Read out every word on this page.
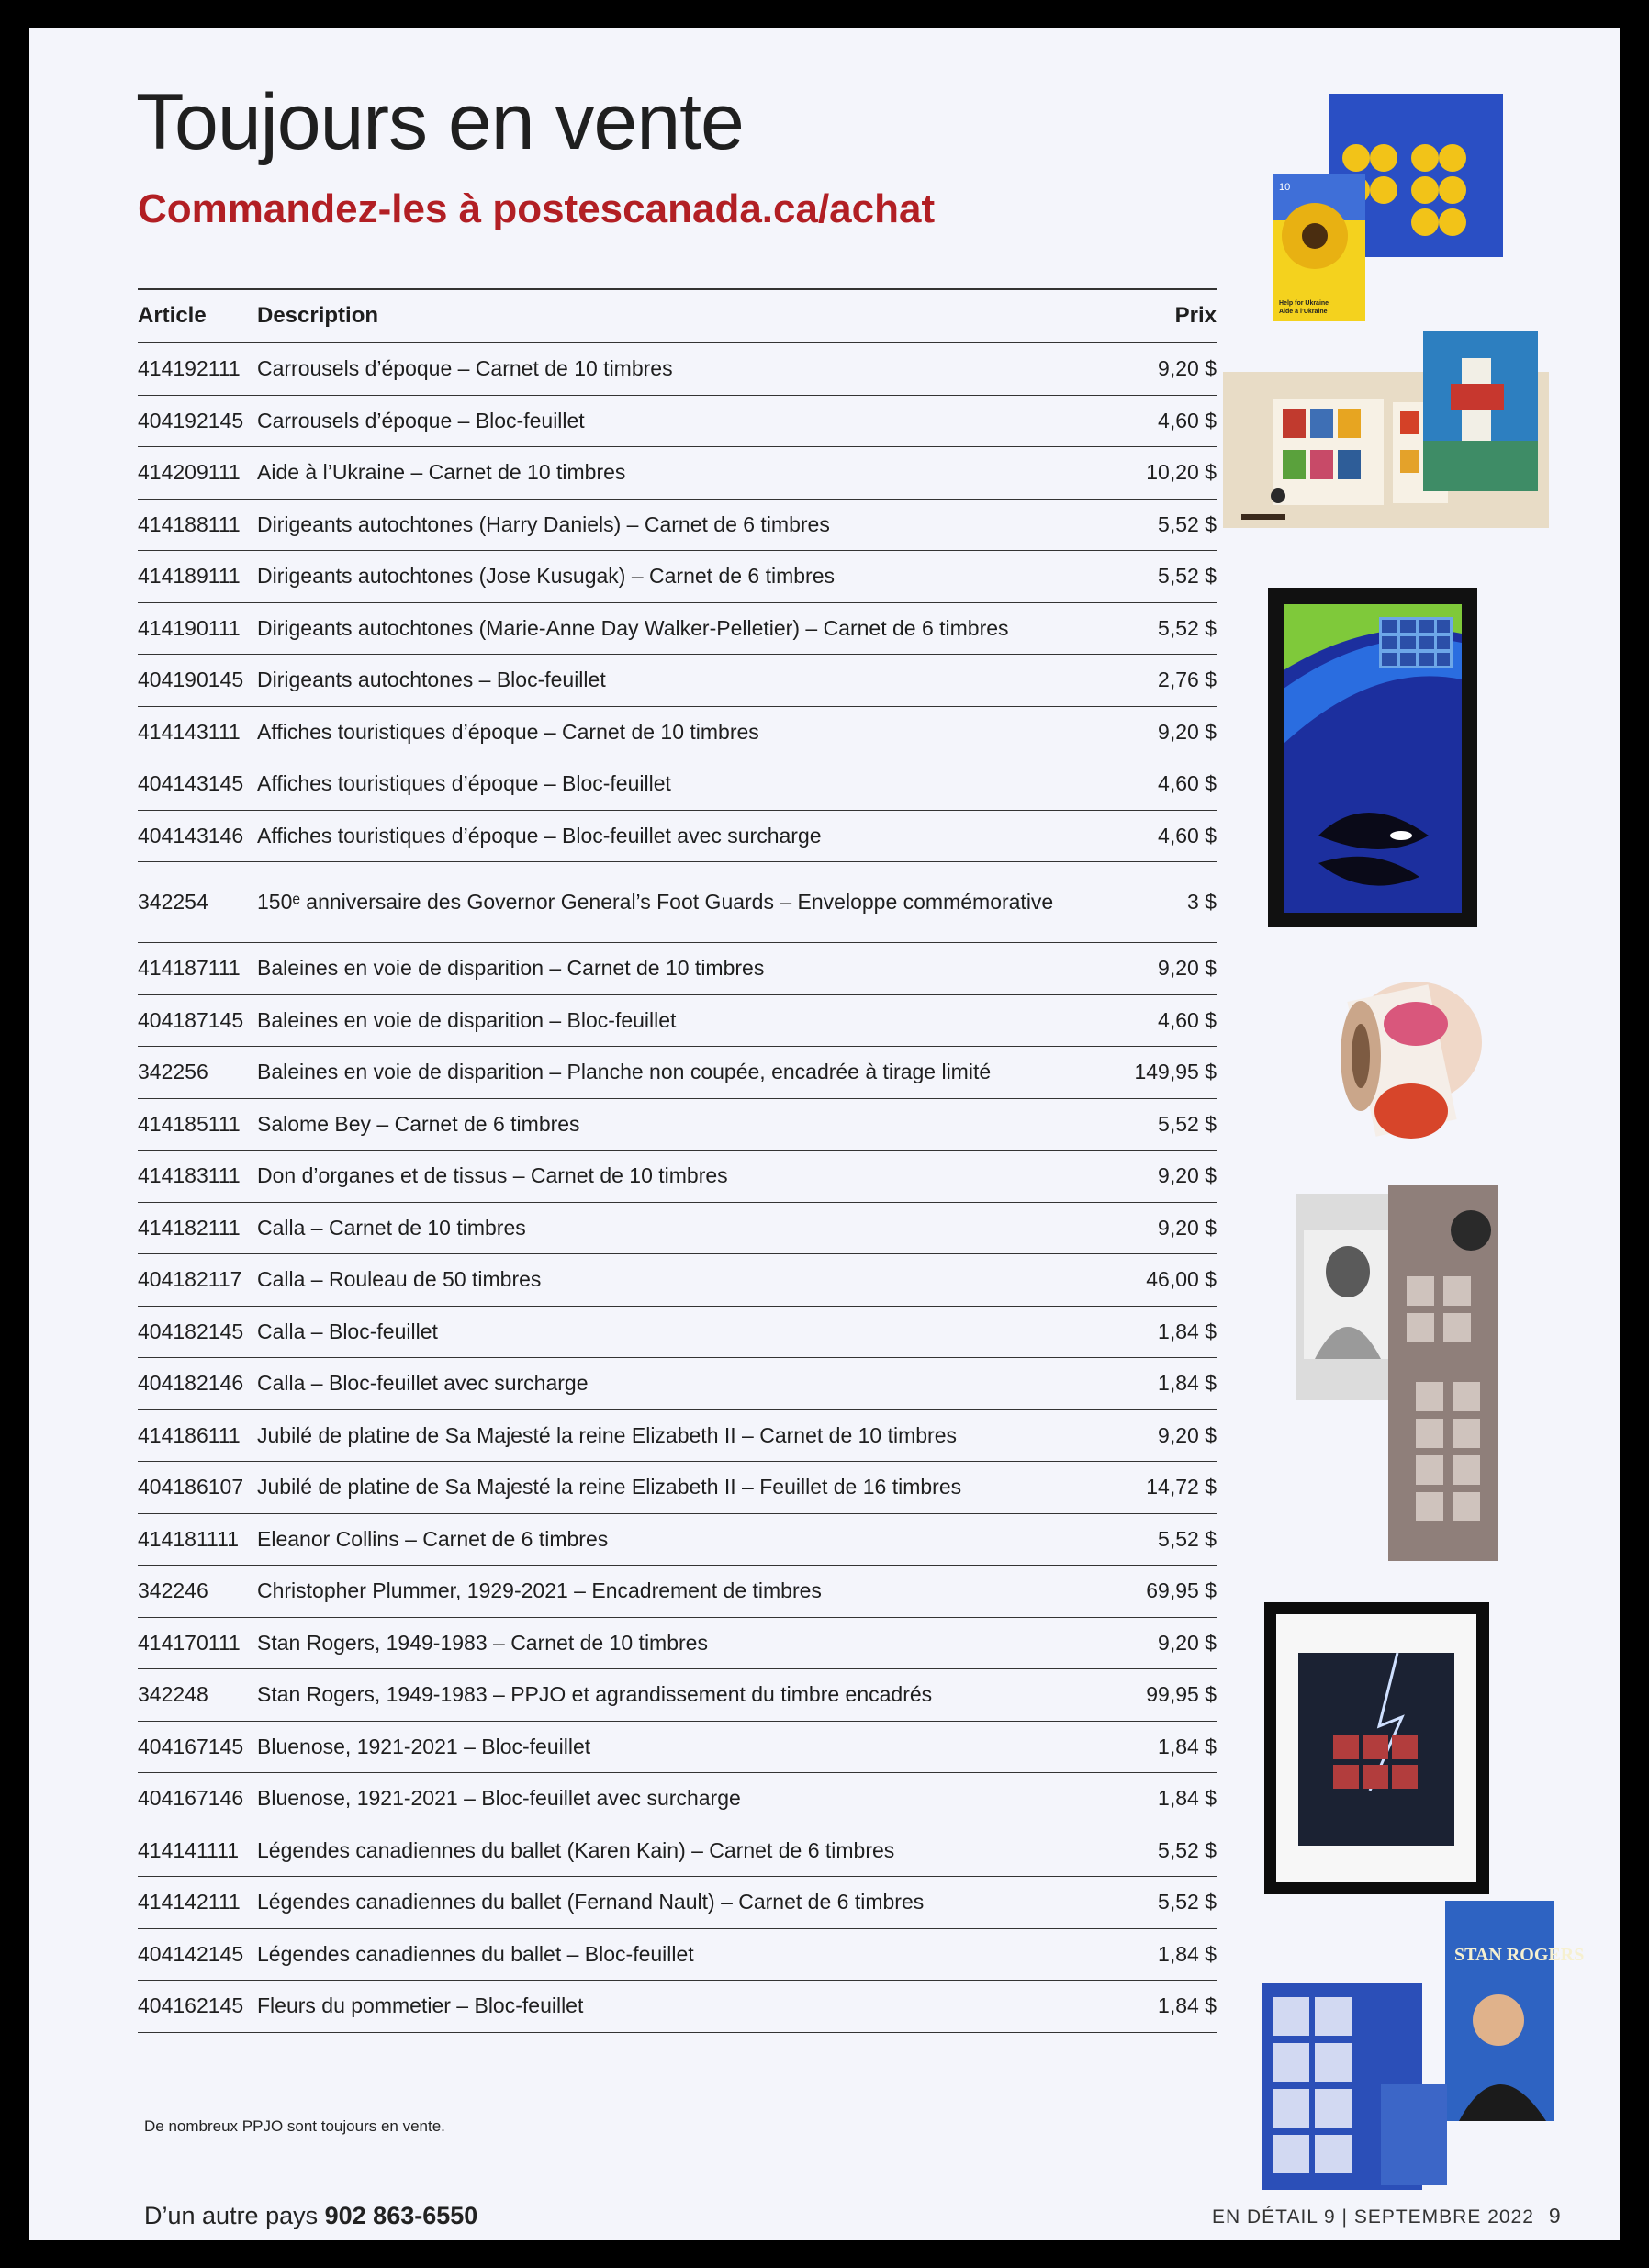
Toujours en vente
Commandez-les à postescanada.ca/achat
Article	Description	Prix
414192111	Carrousels d’époque – Carnet de 10 timbres	9,20 $
404192145	Carrousels d’époque – Bloc-feuillet	4,60 $
414209111	Aide à l’Ukraine – Carnet de 10 timbres	10,20 $
414188111	Dirigeants autochtones (Harry Daniels) – Carnet de 6 timbres	5,52 $
414189111	Dirigeants autochtones (Jose Kusugak) – Carnet de 6 timbres	5,52 $
414190111	Dirigeants autochtones (Marie-Anne Day Walker-Pelletier) – Carnet de 6 timbres	5,52 $
404190145	Dirigeants autochtones – Bloc-feuillet	2,76 $
414143111	Affiches touristiques d’époque – Carnet de 10 timbres	9,20 $
404143145	Affiches touristiques d’époque – Bloc-feuillet	4,60 $
404143146	Affiches touristiques d’époque – Bloc-feuillet avec surcharge	4,60 $
342254	150ᵉ anniversaire des Governor General’s Foot Guards – Enveloppe commémorative	3 $
414187111	Baleines en voie de disparition – Carnet de 10 timbres	9,20 $
404187145	Baleines en voie de disparition – Bloc-feuillet	4,60 $
342256	Baleines en voie de disparition – Planche non coupée, encadrée à tirage limité	149,95 $
414185111	Salome Bey – Carnet de 6 timbres	5,52 $
414183111	Don d’organes et de tissus – Carnet de 10 timbres	9,20 $
414182111	Calla – Carnet de 10 timbres	9,20 $
404182117	Calla – Rouleau de 50 timbres	46,00 $
404182145	Calla – Bloc-feuillet	1,84 $
404182146	Calla – Bloc-feuillet avec surcharge	1,84 $
414186111	Jubilé de platine de Sa Majesté la reine Elizabeth II – Carnet de 10 timbres	9,20 $
404186107	Jubilé de platine de Sa Majesté la reine Elizabeth II – Feuillet de 16 timbres	14,72 $
414181111	Eleanor Collins – Carnet de 6 timbres	5,52 $
342246	Christopher Plummer, 1929-2021 – Encadrement de timbres	69,95 $
414170111	Stan Rogers, 1949-1983 – Carnet de 10 timbres	9,20 $
342248	Stan Rogers, 1949-1983 – PPJO et agrandissement du timbre encadrés	99,95 $
404167145	Bluenose, 1921-2021 – Bloc-feuillet	1,84 $
404167146	Bluenose, 1921-2021 – Bloc-feuillet avec surcharge	1,84 $
414141111	Légendes canadiennes du ballet (Karen Kain) – Carnet de 6 timbres	5,52 $
414142111	Légendes canadiennes du ballet (Fernand Nault) – Carnet de 6 timbres	5,52 $
404142145	Légendes canadiennes du ballet – Bloc-feuillet	1,84 $
404162145	Fleurs du pommetier – Bloc-feuillet	1,84 $
De nombreux PPJO sont toujours en vente.
D’un autre pays 902 863-6550	EN DÉTAIL 9 | SEPTEMBRE 2022 9
10
Help for Ukraine Aide à l’Ukraine
STAN ROGERS
